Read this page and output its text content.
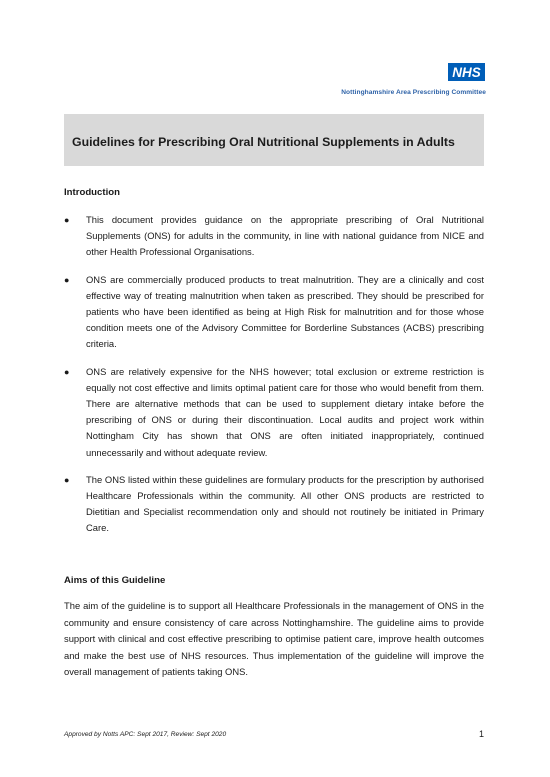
NHS
Nottinghamshire Area Prescribing Committee
Guidelines for Prescribing Oral Nutritional Supplements in Adults
Introduction
●	This document provides guidance on the appropriate prescribing of Oral Nutritional Supplements (ONS) for adults in the community, in line with national guidance from NICE and other Health Professional Organisations.
●	ONS are commercially produced products to treat malnutrition. They are a clinically and cost effective way of treating malnutrition when taken as prescribed. They should be prescribed for patients who have been identified as being at High Risk for malnutrition and for those whose condition meets one of the Advisory Committee for Borderline Substances (ACBS) prescribing criteria.
●	ONS are relatively expensive for the NHS however; total exclusion or extreme restriction is equally not cost effective and limits optimal patient care for those who would benefit from them. There are alternative methods that can be used to supplement dietary intake before the prescribing of ONS or during their discontinuation. Local audits and project work within Nottingham City has shown that ONS are often initiated inappropriately, continued unnecessarily and without adequate review.
●	The ONS listed within these guidelines are formulary products for the prescription by authorised Healthcare Professionals within the community. All other ONS products are restricted to Dietitian and Specialist recommendation only and should not routinely be initiated in Primary Care.
Aims of this Guideline

The aim of the guideline is to support all Healthcare Professionals in the management of ONS in the community and ensure consistency of care across Nottinghamshire. The guideline aims to provide support with clinical and cost effective prescribing to optimise patient care, improve health outcomes and make the best use of NHS resources. Thus implementation of the guideline will improve the overall management of patients taking ONS.

Approved by Notts APC: Sept 2017, Review: Sept 2020	1
